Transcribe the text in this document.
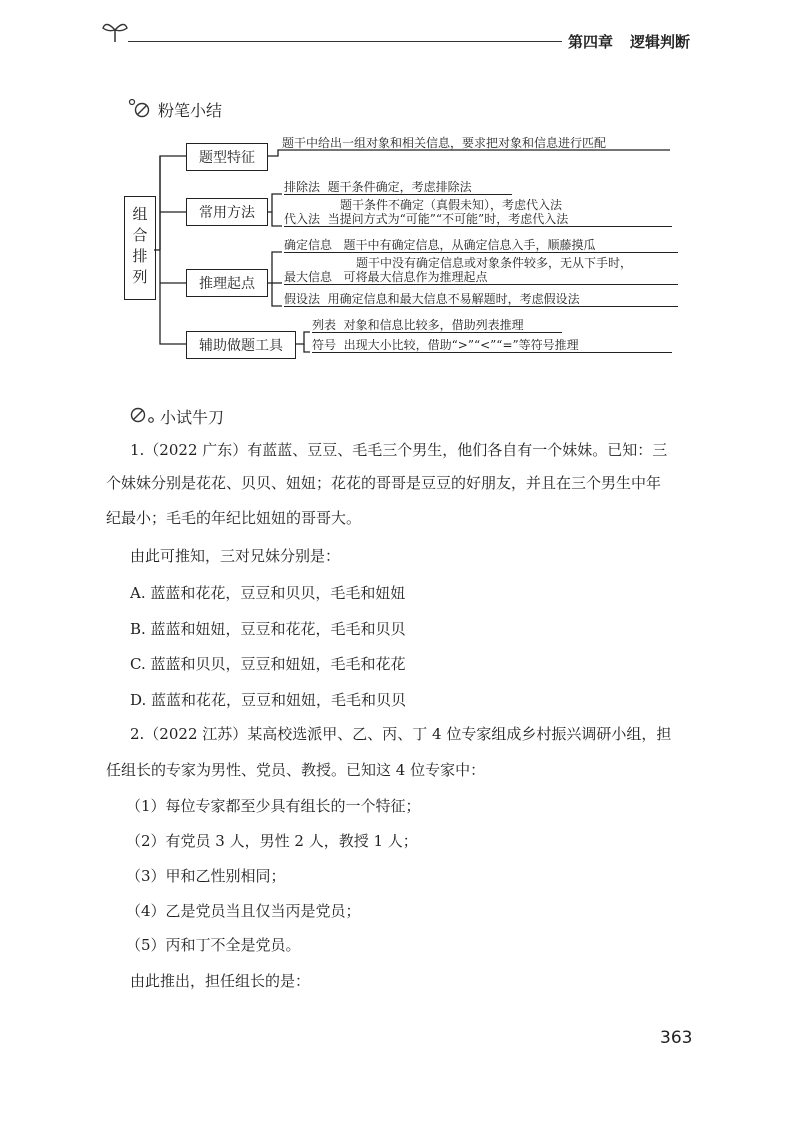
第四章 逻辑判断
粉笔小结
组合排列
题型特征
常用方法
推理起点
辅助做题工具
题干中给出一组对象和相关信息，要求把对象和信息进行匹配
排除法 题干条件确定，考虑排除法
题干条件不确定（真假未知），考虑代入法
代入法 当提问方式为“可能”“不可能”时，考虑代入法
确定信息 题干中有确定信息，从确定信息入手，顺藤摸瓜
题干中没有确定信息或对象条件较多，无从下手时，
最大信息 可将最大信息作为推理起点
假设法 用确定信息和最大信息不易解题时，考虑假设法
列表 对象和信息比较多，借助列表推理
符号 出现大小比较，借助“>”“<”“=”等符号推理
小试牛刀
1.（2022 广东）有蓝蓝、豆豆、毛毛三个男生，他们各自有一个妹妹。已知：三
个妹妹分别是花花、贝贝、妞妞；花花的哥哥是豆豆的好朋友，并且在三个男生中年
纪最小；毛毛的年纪比妞妞的哥哥大。
由此可推知，三对兄妹分别是：
A. 蓝蓝和花花，豆豆和贝贝，毛毛和妞妞
B. 蓝蓝和妞妞，豆豆和花花，毛毛和贝贝
C. 蓝蓝和贝贝，豆豆和妞妞，毛毛和花花
D. 蓝蓝和花花，豆豆和妞妞，毛毛和贝贝
2.（2022 江苏）某高校选派甲、乙、丙、丁 4 位专家组成乡村振兴调研小组，担
任组长的专家为男性、党员、教授。已知这 4 位专家中：
（1）每位专家都至少具有组长的一个特征；
（2）有党员 3 人，男性 2 人，教授 1 人；
（3）甲和乙性别相同；
（4）乙是党员当且仅当丙是党员；
（5）丙和丁不全是党员。
由此推出，担任组长的是：
363
